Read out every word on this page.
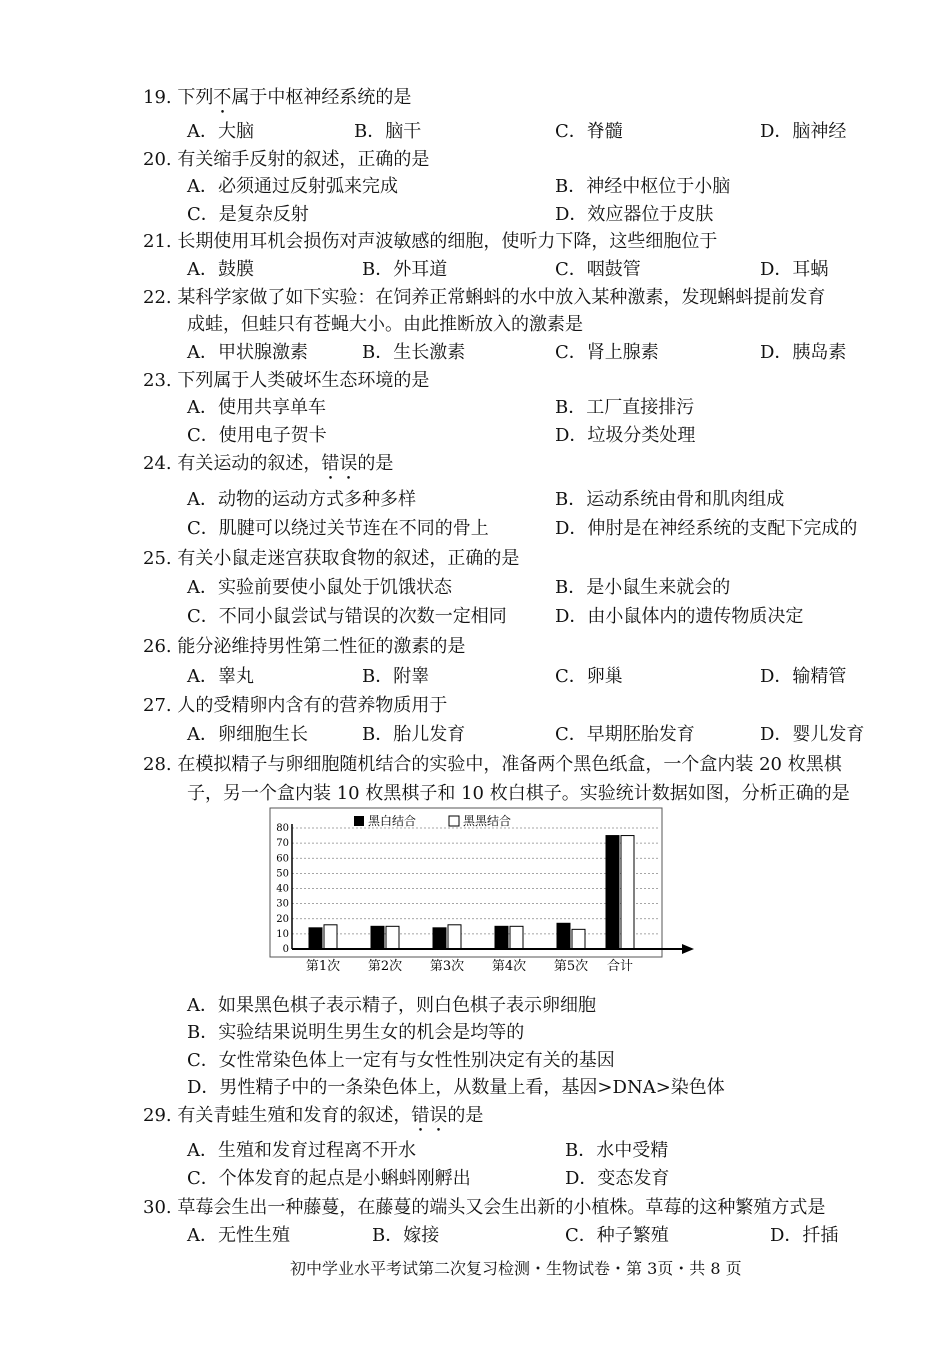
19. 下列不属于中枢神经系统的是
A．大脑	B．脑干	C．脊髓	D．脑神经
20. 有关缩手反射的叙述，正确的是
A．必须通过反射弧来完成	B．神经中枢位于小脑
C．是复杂反射	D．效应器位于皮肤
21. 长期使用耳机会损伤对声波敏感的细胞，使听力下降，这些细胞位于
A．鼓膜	B．外耳道	C．咽鼓管	D．耳蜗
22. 某科学家做了如下实验：在饲养正常蝌蚪的水中放入某种激素，发现蝌蚪提前发育
成蛙，但蛙只有苍蝇大小。由此推断放入的激素是
A．甲状腺激素	B．生长激素	C．肾上腺素	D．胰岛素
23. 下列属于人类破坏生态环境的是
A．使用共享单车	B．工厂直接排污
C．使用电子贺卡	D．垃圾分类处理
24. 有关运动的叙述，错误的是
A．动物的运动方式多种多样	B．运动系统由骨和肌肉组成
C．肌腱可以绕过关节连在不同的骨上	D．伸肘是在神经系统的支配下完成的
25. 有关小鼠走迷宫获取食物的叙述，正确的是
A．实验前要使小鼠处于饥饿状态	B．是小鼠生来就会的
C．不同小鼠尝试与错误的次数一定相同	D．由小鼠体内的遗传物质决定
26. 能分泌维持男性第二性征的激素的是
A．睾丸	B．附睾	C．卵巢	D．输精管
27. 人的受精卵内含有的营养物质用于
A．卵细胞生长	B．胎儿发育	C．早期胚胎发育	D．婴儿发育
28. 在模拟精子与卵细胞随机结合的实验中，准备两个黑色纸盒，一个盒内装 20 枚黑棋
子，另一个盒内装 10 枚黑棋子和 10 枚白棋子。实验统计数据如图，分析正确的是
0
10
20
30
40
50
60
70
80
第1次 第2次 第3次 第4次 第5次 合计
黑白结合	黑黑结合
A．如果黑色棋子表示精子，则白色棋子表示卵细胞
B．实验结果说明生男生女的机会是均等的
C．女性常染色体上一定有与女性性别决定有关的基因
D．男性精子中的一条染色体上，从数量上看，基因>DNA>染色体
29. 有关青蛙生殖和发育的叙述，错误的是
A．生殖和发育过程离不开水	B．水中受精
C．个体发育的起点是小蝌蚪刚孵出	D．变态发育
30. 草莓会生出一种藤蔓，在藤蔓的端头又会生出新的小植株。草莓的这种繁殖方式是
A．无性生殖	B．嫁接	C．种子繁殖	D．扦插
初中学业水平考试第二次复习检测・生物试卷・第 3页・共 8 页
